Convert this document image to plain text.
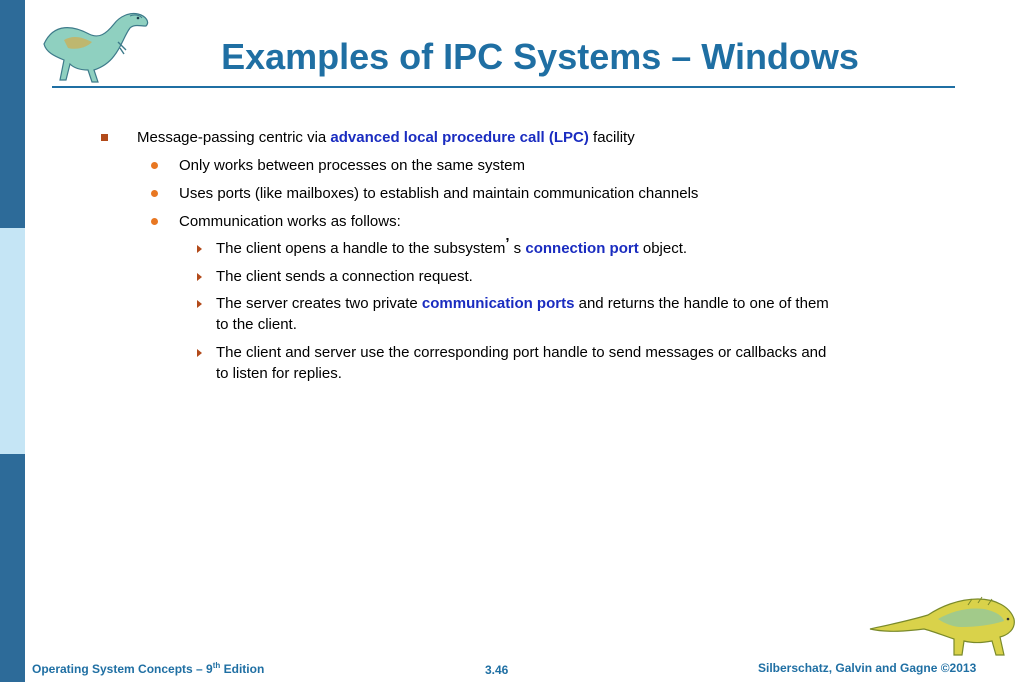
Examples of IPC Systems – Windows
Message-passing centric via advanced local procedure call (LPC) facility
Only works between processes on the same system
Uses ports (like mailboxes) to establish and maintain communication channels
Communication works as follows:
The client opens a handle to the subsystem’ s connection port object.
The client sends a connection request.
The server creates two private communication ports and returns the handle to one of them
to the client.
The client and server use the corresponding port handle to send messages or callbacks and
to listen for replies.
Operating System Concepts – 9th Edition	3.46	Silberschatz, Galvin and Gagne ©2013
